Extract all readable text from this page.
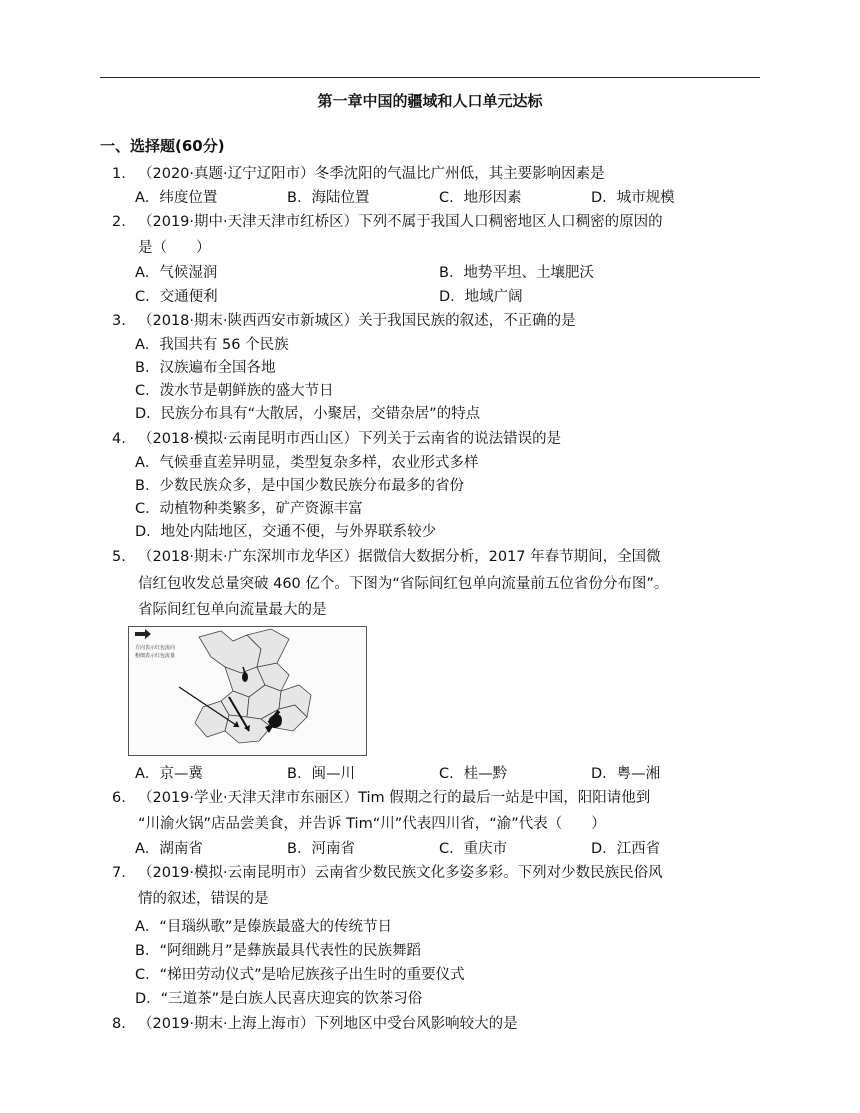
第一章中国的疆域和人口单元达标
一、选择题(60分)
1. （2020·真题·辽宁辽阳市）冬季沈阳的气温比广州低，其主要影响因素是
A．纬度位置	B．海陆位置	C．地形因素	D．城市规模
2. （2019·期中·天津天津市红桥区）下列不属于我国人口稠密地区人口稠密的原因的
是（　　）
A．气候湿润	B．地势平坦、土壤肥沃
C．交通便利	D．地域广阔
3. （2018·期末·陕西西安市新城区）关于我国民族的叙述，不正确的是
A．我国共有 56 个民族
B．汉族遍布全国各地
C．泼水节是朝鲜族的盛大节日
D．民族分布具有“大散居，小聚居，交错杂居”的特点
4. （2018·模拟·云南昆明市西山区）下列关于云南省的说法错误的是
A．气候垂直差异明显，类型复杂多样，农业形式多样
B．少数民族众多，是中国少数民族分布最多的省份
C．动植物种类繁多，矿产资源丰富
D．地处内陆地区，交通不便，与外界联系较少
5. （2018·期末·广东深圳市龙华区）据微信大数据分析，2017 年春节期间，全国微
信红包收发总量突破 460 亿个。下图为“省际间红包单向流量前五位省份分布图”。
省际间红包单向流量最大的是
方向表示红包流向
粗细表示红包流量
A．京—冀	B．闽—川	C．桂—黔	D．粤—湘
6. （2019·学业·天津天津市东丽区）Tim 假期之行的最后一站是中国，阳阳请他到
“川渝火锅”店品尝美食，并告诉 Tim“川”代表四川省，“渝”代表（　　）
A．湖南省	B．河南省	C．重庆市	D．江西省
7. （2019·模拟·云南昆明市）云南省少数民族文化多姿多彩。下列对少数民族民俗风
情的叙述，错误的是
A．“目瑙纵歌”是傣族最盛大的传统节日
B．“阿细跳月”是彝族最具代表性的民族舞蹈
C．“梯田劳动仪式”是哈尼族孩子出生时的重要仪式
D．“三道茶”是白族人民喜庆迎宾的饮茶习俗
8. （2019·期末·上海上海市）下列地区中受台风影响较大的是
